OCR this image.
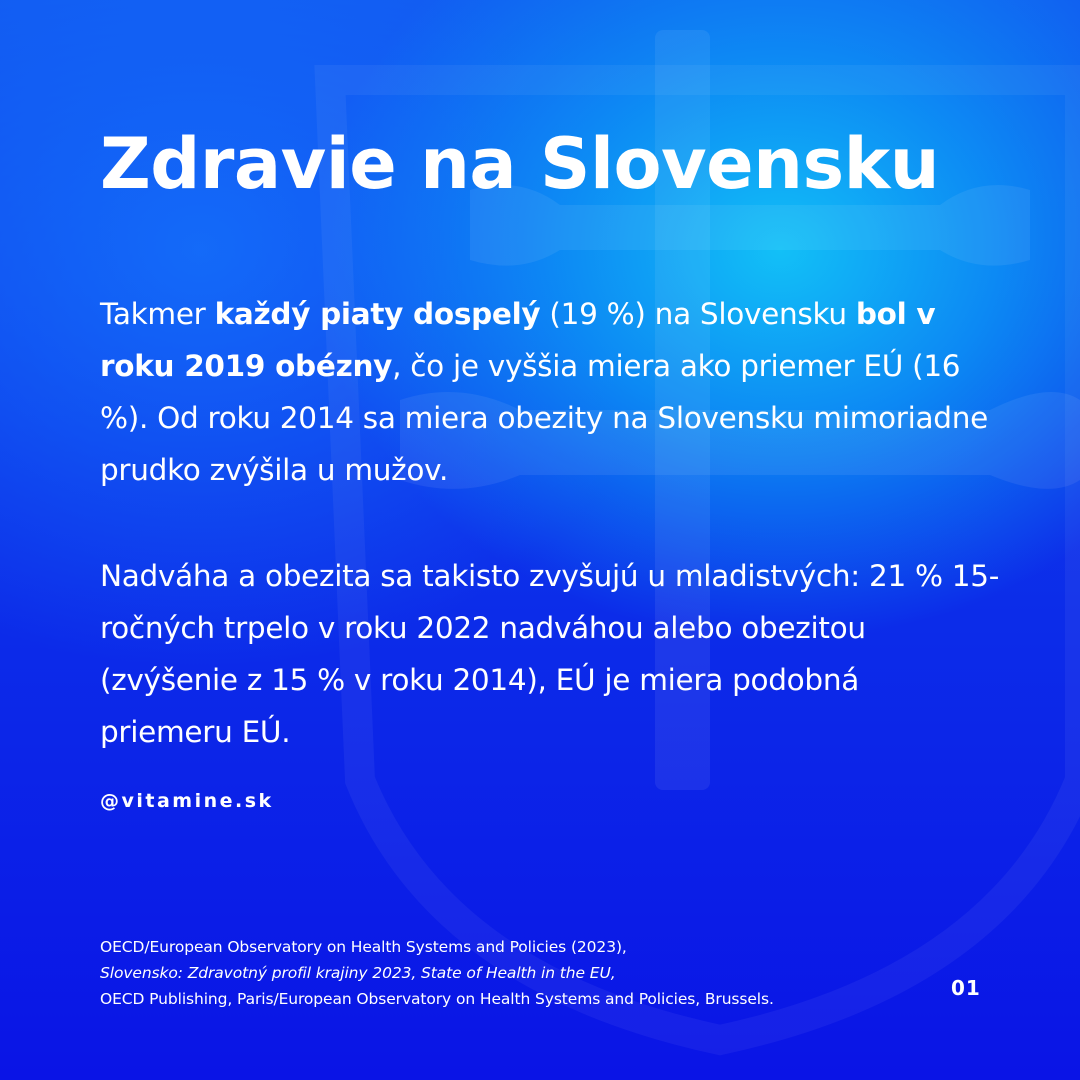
Zdravie na Slovensku

Takmer každý piaty dospelý (19 %) na Slovensku bol v roku 2019 obézny, čo je vyššia miera ako priemer EÚ (16 %). Od roku 2014 sa miera obezity na Slovensku mimoriadne prudko zvýšila u mužov.

Nadváha a obezita sa takisto zvyšujú u mladistvých: 21 % 15-ročných trpelo v roku 2022 nadváhou alebo obezitou (zvýšenie z 15 % v roku 2014), EÚ je miera podobná priemeru EÚ.

@vitamine.sk

OECD/European Observatory on Health Systems and Policies (2023),
Slovensko: Zdravotný profil krajiny 2023, State of Health in the EU,
OECD Publishing, Paris/European Observatory on Health Systems and Policies, Brussels.	01
